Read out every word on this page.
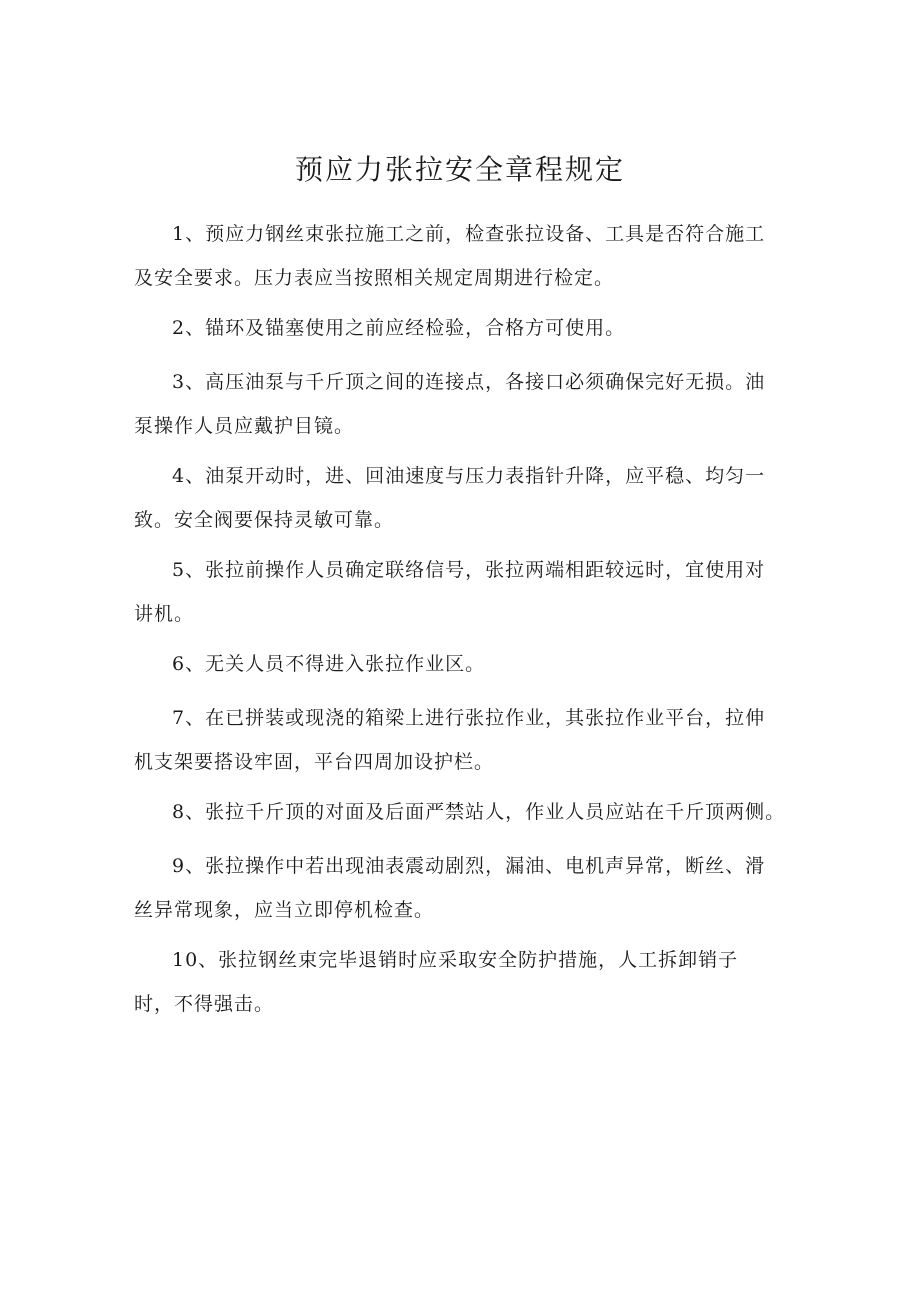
预应力张拉安全章程规定

1、预应力钢丝束张拉施工之前，检查张拉设备、工具是否符合施工及安全要求。压力表应当按照相关规定周期进行检定。

2、锚环及锚塞使用之前应经检验，合格方可使用。

3、高压油泵与千斤顶之间的连接点，各接口必须确保完好无损。油泵操作人员应戴护目镜。

4、油泵开动时，进、回油速度与压力表指针升降，应平稳、均匀一致。安全阀要保持灵敏可靠。

5、张拉前操作人员确定联络信号，张拉两端相距较远时，宜使用对讲机。

6、无关人员不得进入张拉作业区。

7、在已拼装或现浇的箱梁上进行张拉作业，其张拉作业平台，拉伸机支架要搭设牢固，平台四周加设护栏。

8、张拉千斤顶的对面及后面严禁站人，作业人员应站在千斤顶两侧。

9、张拉操作中若出现油表震动剧烈，漏油、电机声异常，断丝、滑丝异常现象，应当立即停机检查。

10、张拉钢丝束完毕退销时应采取安全防护措施，人工拆卸销子时，不得强击。
